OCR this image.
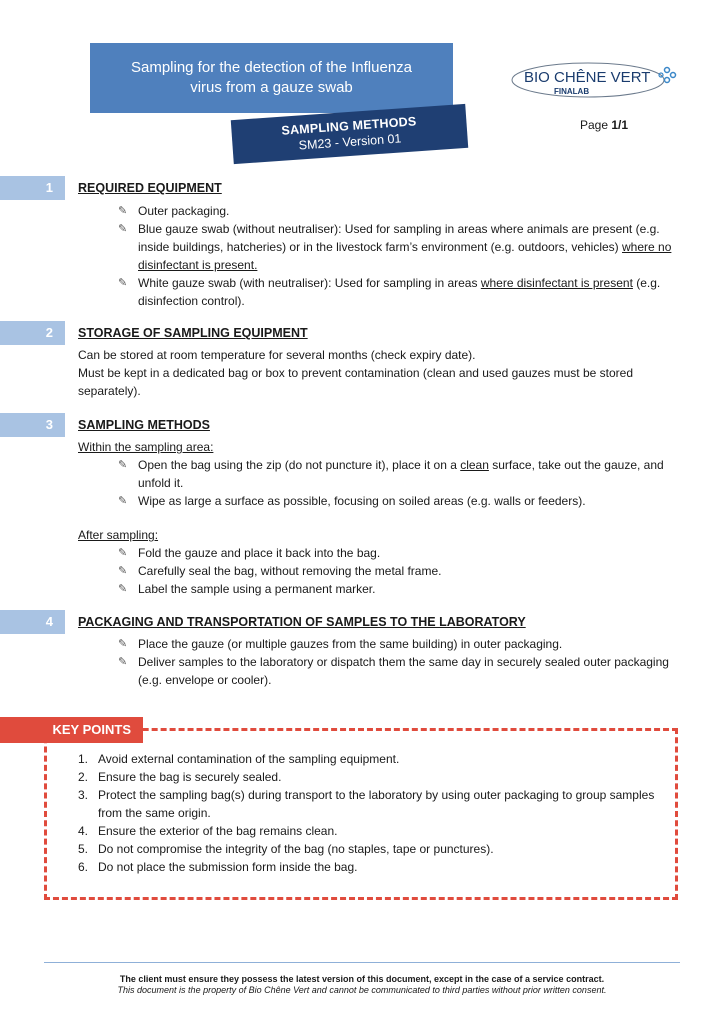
Sampling for the detection of the Influenza
virus from a gauze swab
SAMPLING METHODS
SM23 - Version 01
BIO CHÊNE VERT
FINALAB
Page 1/1
1	REQUIRED EQUIPMENT
✎ Outer packaging.
✎ Blue gauze swab (without neutraliser): Used for sampling in areas where animals are present (e.g. inside buildings, hatcheries) or in the livestock farm’s environment (e.g. outdoors, vehicles) where no disinfectant is present.
✎ White gauze swab (with neutraliser): Used for sampling in areas where disinfectant is present (e.g. disinfection control).
2	STORAGE OF SAMPLING EQUIPMENT
Can be stored at room temperature for several months (check expiry date).
Must be kept in a dedicated bag or box to prevent contamination (clean and used gauzes must be stored separately).
3	SAMPLING METHODS
Within the sampling area:
✎ Open the bag using the zip (do not puncture it), place it on a clean surface, take out the gauze, and unfold it.
✎ Wipe as large a surface as possible, focusing on soiled areas (e.g. walls or feeders).
After sampling:
✎ Fold the gauze and place it back into the bag.
✎ Carefully seal the bag, without removing the metal frame.
✎ Label the sample using a permanent marker.
4	PACKAGING AND TRANSPORTATION OF SAMPLES TO THE LABORATORY
✎ Place the gauze (or multiple gauzes from the same building) in outer packaging.
✎ Deliver samples to the laboratory or dispatch them the same day in securely sealed outer packaging (e.g. envelope or cooler).
KEY POINTS
1. Avoid external contamination of the sampling equipment.
2. Ensure the bag is securely sealed.
3. Protect the sampling bag(s) during transport to the laboratory by using outer packaging to group samples from the same origin.
4. Ensure the exterior of the bag remains clean.
5. Do not compromise the integrity of the bag (no staples, tape or punctures).
6. Do not place the submission form inside the bag.
The client must ensure they possess the latest version of this document, except in the case of a service contract.
This document is the property of Bio Chêne Vert and cannot be communicated to third parties without prior written consent.
